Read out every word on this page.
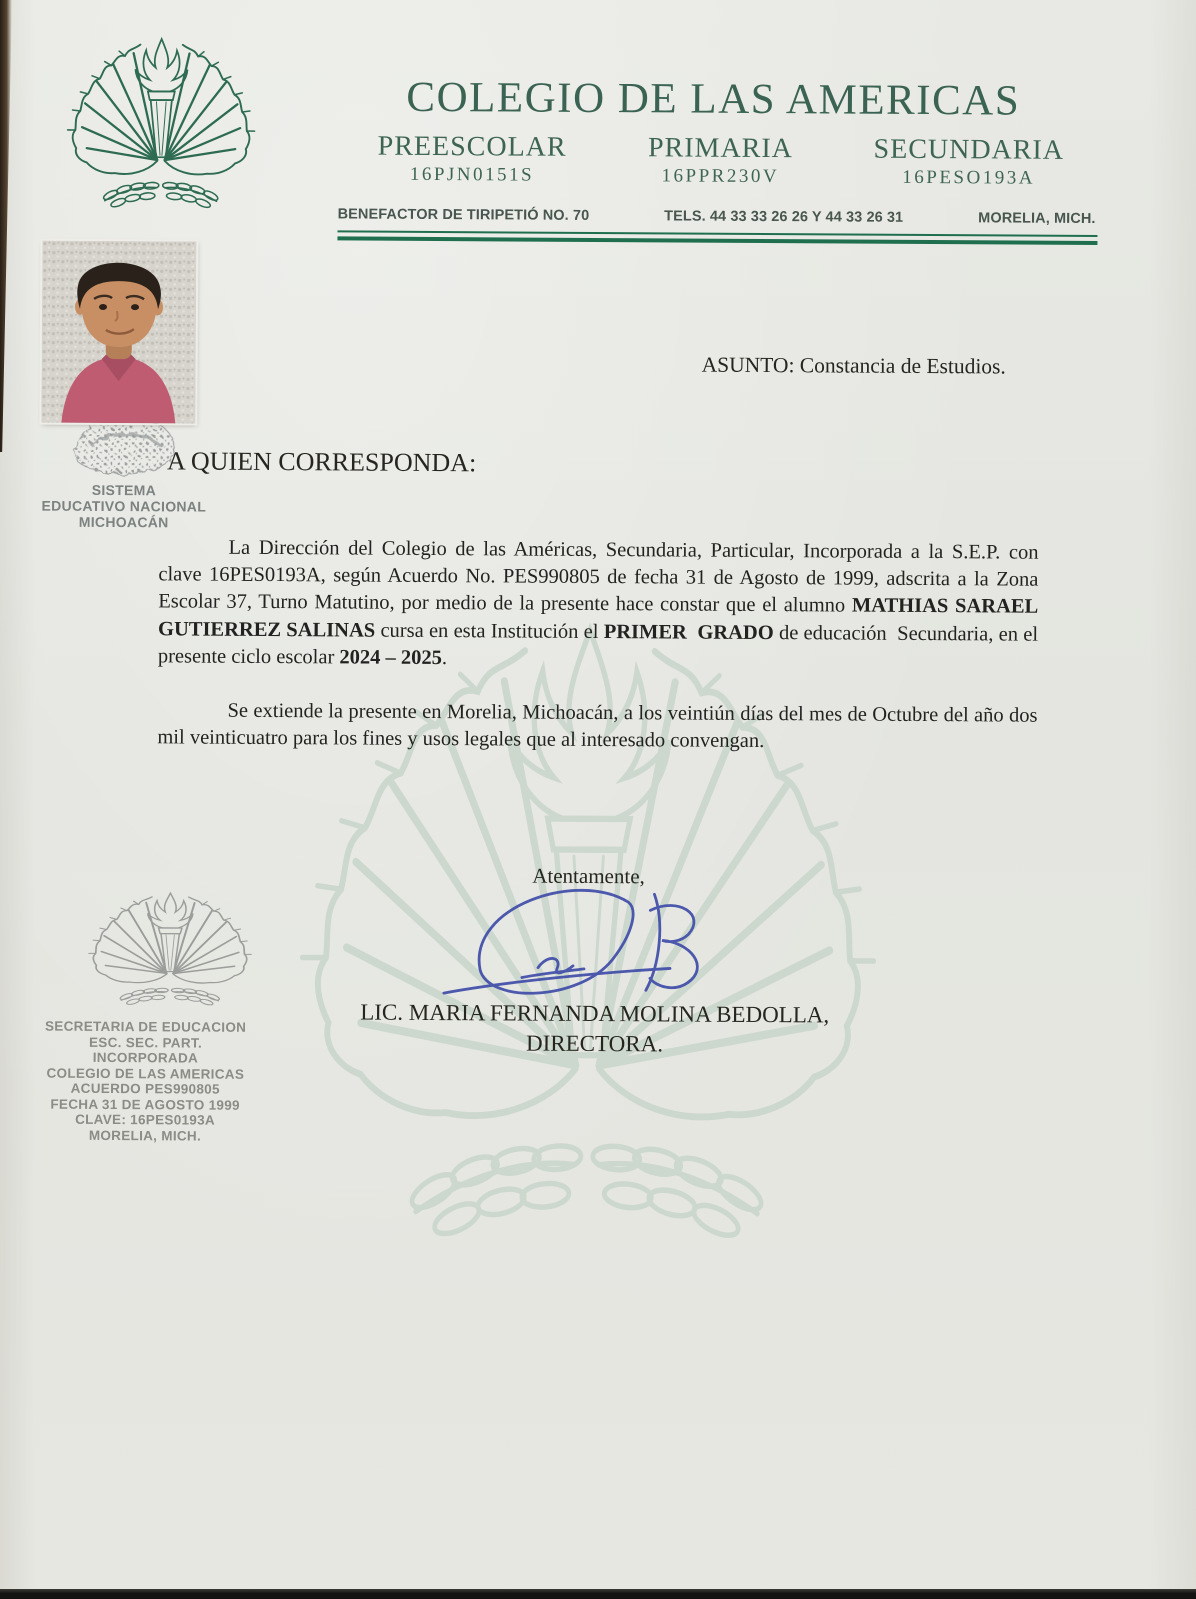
COLEGIO DE LAS AMERICAS
PREESCOLAR
16PJN0151S
PRIMARIA
16PPR230V
SECUNDARIA
16PESO193A
BENEFACTOR DE TIRIPETIÓ NO. 70	TELS. 44 33 33 26 26 Y 44 33 26 31	MORELIA, MICH.
ASUNTO: Constancia de Estudios.
A QUIEN CORRESPONDA:
SISTEMA
EDUCATIVO NACIONAL
MICHOACÁN

La Dirección del Colegio de las Américas, Secundaria, Particular, Incorporada a la S.E.P. con clave 16PES0193A, según Acuerdo No. PES990805 de fecha 31 de Agosto de 1999, adscrita a la Zona Escolar 37, Turno Matutino, por medio de la presente hace constar que el alumno MATHIAS SARAEL GUTIERREZ SALINAS cursa en esta Institución el PRIMER  GRADO de educación  Secundaria, en el presente ciclo escolar 2024 – 2025.

Se extiende la presente en Morelia, Michoacán, a los veintiún días del mes de Octubre del año dos mil veinticuatro para los fines y usos legales que al interesado convengan.

Atentamente,
LIC. MARIA FERNANDA MOLINA BEDOLLA,
DIRECTORA.
SECRETARIA DE EDUCACION
ESC. SEC. PART.
INCORPORADA
COLEGIO DE LAS AMERICAS
ACUERDO PES990805
FECHA 31 DE AGOSTO 1999
CLAVE: 16PES0193A
MORELIA, MICH.
